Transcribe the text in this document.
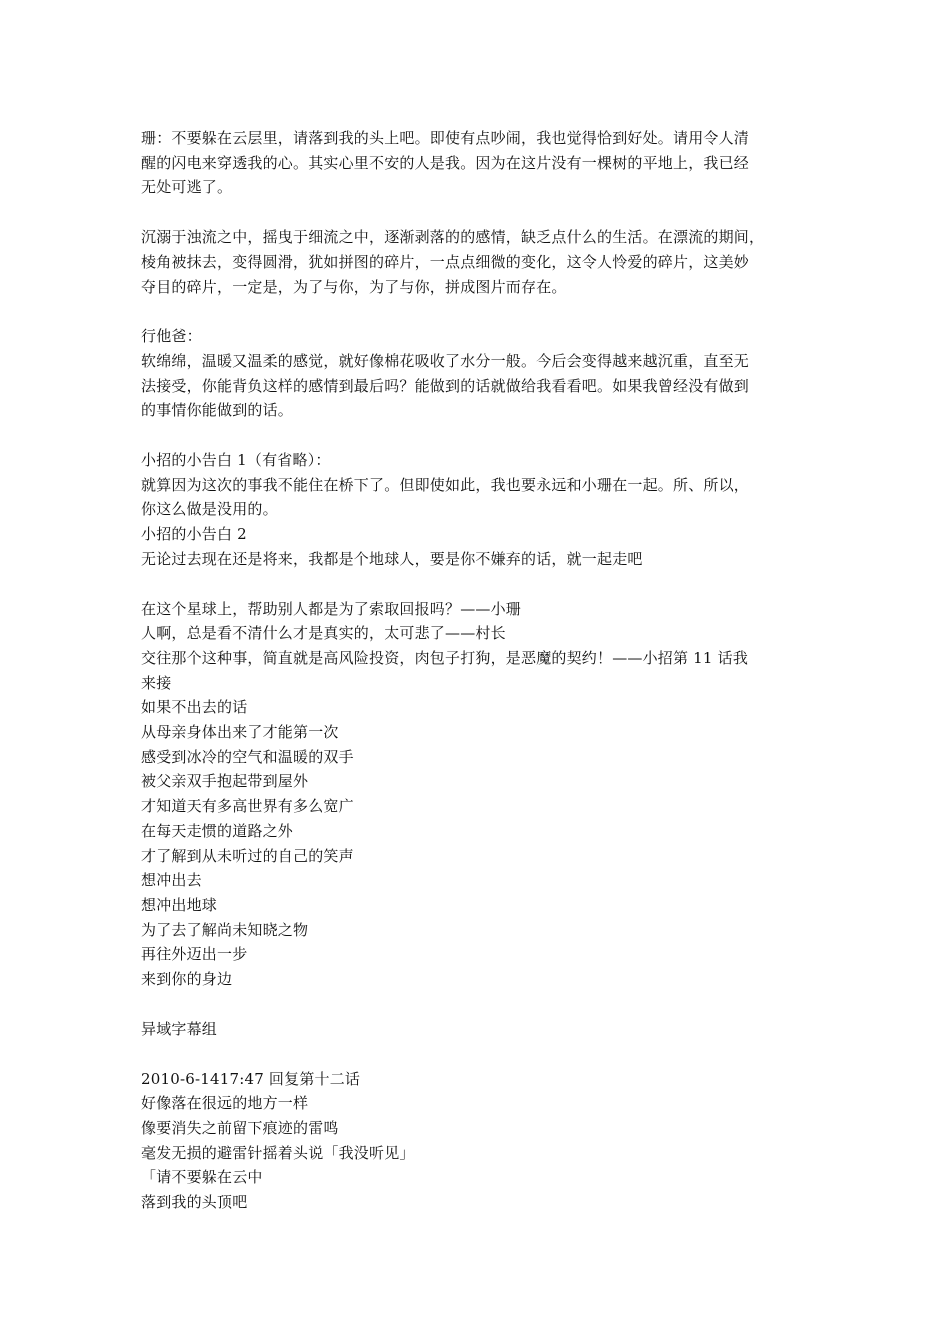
珊：不要躲在云层里，请落到我的头上吧。即使有点吵闹，我也觉得恰到好处。请用令人清
醒的闪电来穿透我的心。其实心里不安的人是我。因为在这片没有一棵树的平地上，我已经
无处可逃了。
沉溺于浊流之中，摇曳于细流之中，逐渐剥落的的感情，缺乏点什么的生活。在漂流的期间，
棱角被抹去，变得圆滑，犹如拼图的碎片，一点点细微的变化，这令人怜爱的碎片，这美妙
夺目的碎片，一定是，为了与你，为了与你，拼成图片而存在。
行他爸：
软绵绵，温暖又温柔的感觉，就好像棉花吸收了水分一般。今后会变得越来越沉重，直至无
法接受，你能背负这样的感情到最后吗？能做到的话就做给我看看吧。如果我曾经没有做到
的事情你能做到的话。
小招的小告白 1（有省略）：
就算因为这次的事我不能住在桥下了。但即使如此，我也要永远和小珊在一起。所、所以，
你这么做是没用的。
小招的小告白 2
无论过去现在还是将来，我都是个地球人，要是你不嫌弃的话，就一起走吧
在这个星球上，帮助别人都是为了索取回报吗？——小珊
人啊，总是看不清什么才是真实的，太可悲了——村长
交往那个这种事，简直就是高风险投资，肉包子打狗，是恶魔的契约！——小招第 11 话我
来接
如果不出去的话
从母亲身体出来了才能第一次
感受到冰冷的空气和温暖的双手
被父亲双手抱起带到屋外
才知道天有多高世界有多么宽广
在每天走惯的道路之外
才了解到从未听过的自己的笑声
想冲出去
想冲出地球
为了去了解尚未知晓之物
再往外迈出一步
来到你的身边
异域字幕组
2010-6-1417:47 回复第十二话
好像落在很远的地方一样
像要消失之前留下痕迹的雷鸣
毫发无损的避雷针摇着头说「我没听见」
「请不要躲在云中
落到我的头顶吧
